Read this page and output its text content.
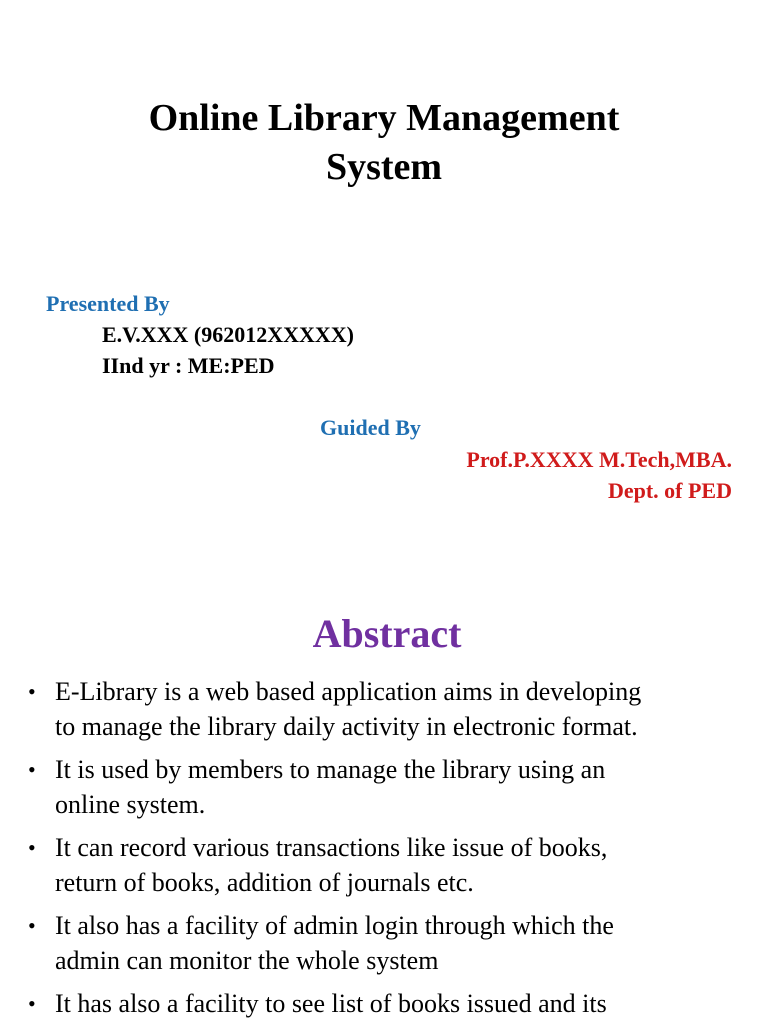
Online Library Management
System
Presented By
E.V.XXX (962012XXXXX)
IInd yr : ME:PED
Guided By
Prof.P.XXXX M.Tech,MBA.
Dept. of PED
Abstract
• E-Library is a web based application aims in developing
to manage the library daily activity in electronic format.
• It is used by members to manage the library using an
online system.
• It can record various transactions like issue of books,
return of books, addition of journals etc.
• It also has a facility of admin login through which the
admin can monitor the whole system
• It has also a facility to see list of books issued and its
